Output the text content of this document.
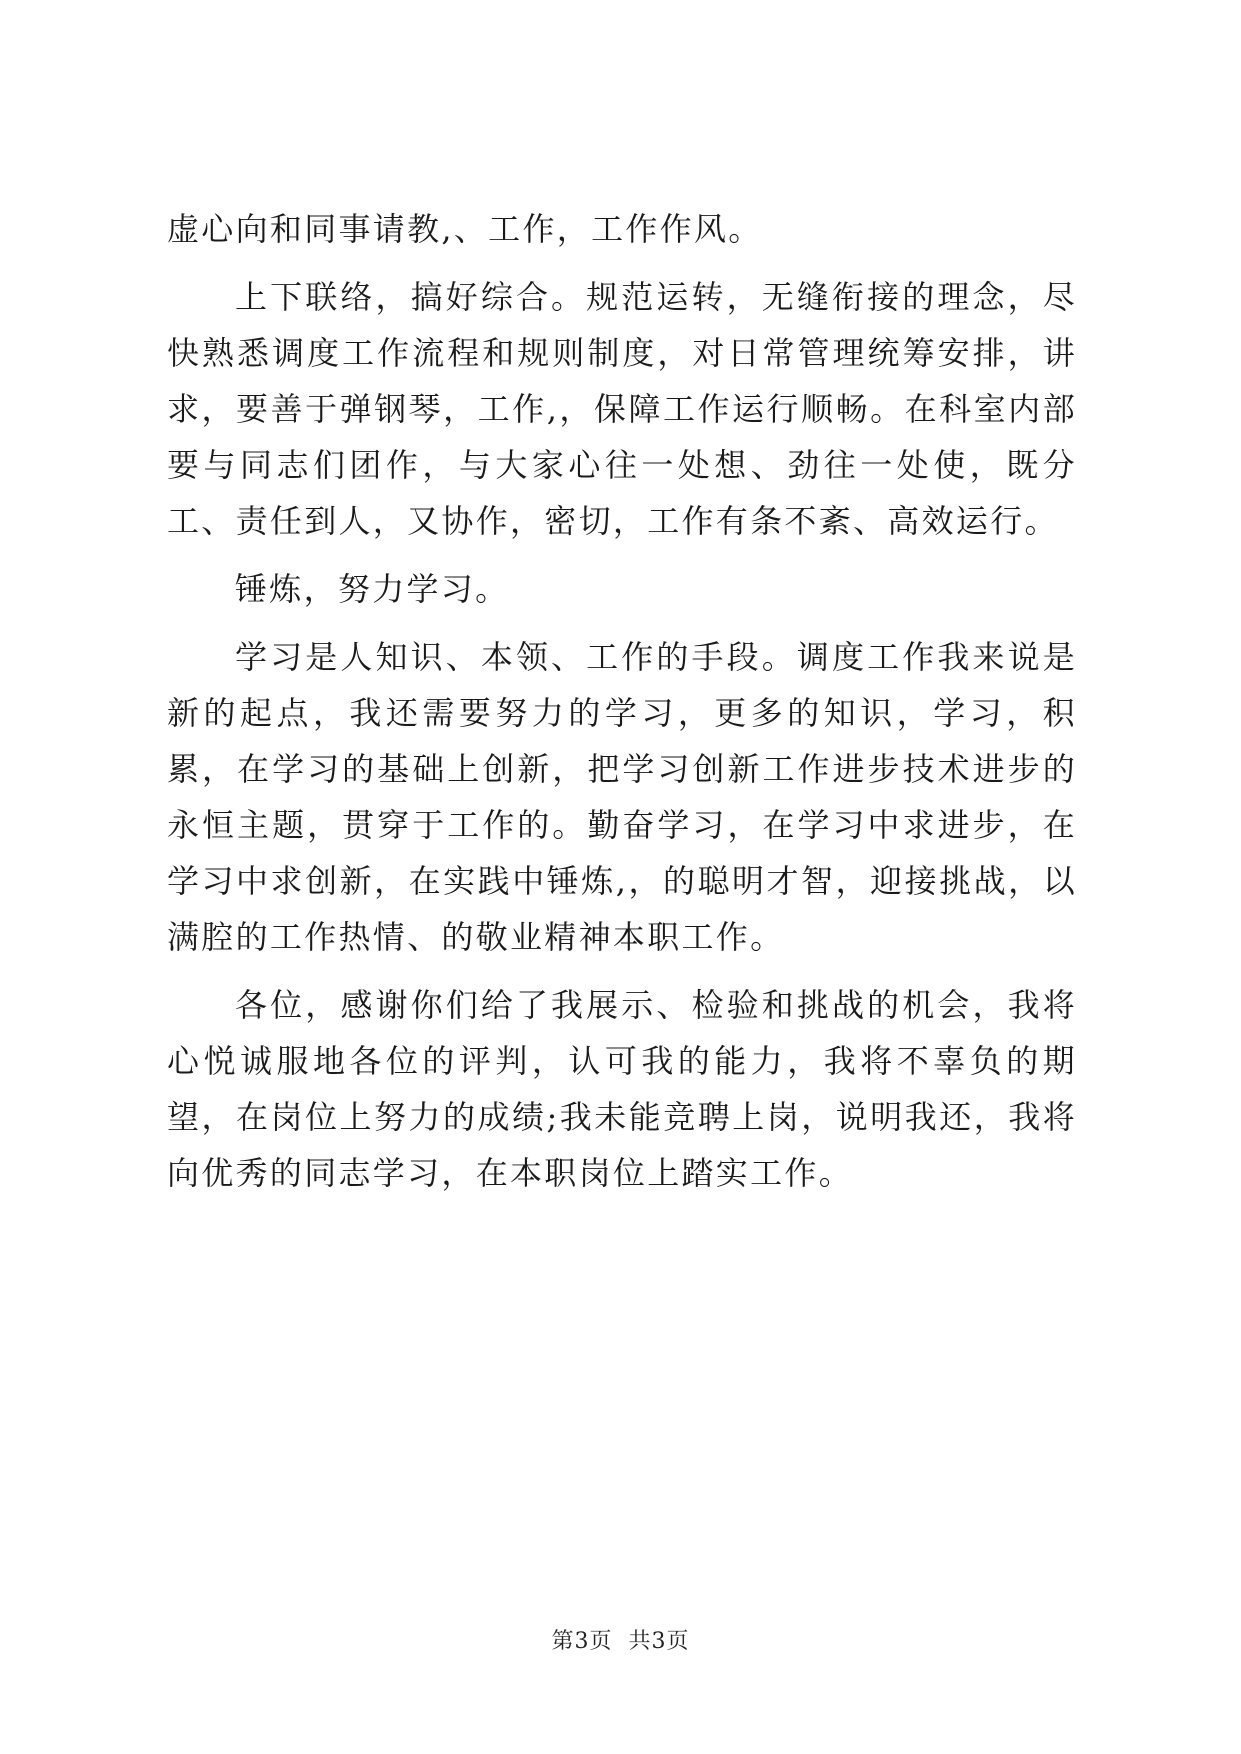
虚心向和同事请教,、工作，工作作风。

上下联络，搞好综合。规范运转，无缝衔接的理念，尽快熟悉调度工作流程和规则制度，对日常管理统筹安排，讲求，要善于弹钢琴，工作,，保障工作运行顺畅。在科室内部要与同志们团作，与大家心往一处想、劲往一处使，既分工、责任到人，又协作，密切，工作有条不紊、高效运行。

锤炼，努力学习。

学习是人知识、本领、工作的手段。调度工作我来说是新的起点，我还需要努力的学习，更多的知识，学习，积累，在学习的基础上创新，把学习创新工作进步技术进步的永恒主题，贯穿于工作的。勤奋学习，在学习中求进步，在学习中求创新，在实践中锤炼,，的聪明才智，迎接挑战，以满腔的工作热情、的敬业精神本职工作。

各位，感谢你们给了我展示、检验和挑战的机会，我将心悦诚服地各位的评判，认可我的能力，我将不辜负的期望，在岗位上努力的成绩;我未能竞聘上岗，说明我还，我将向优秀的同志学习，在本职岗位上踏实工作。

第3页 共3页
